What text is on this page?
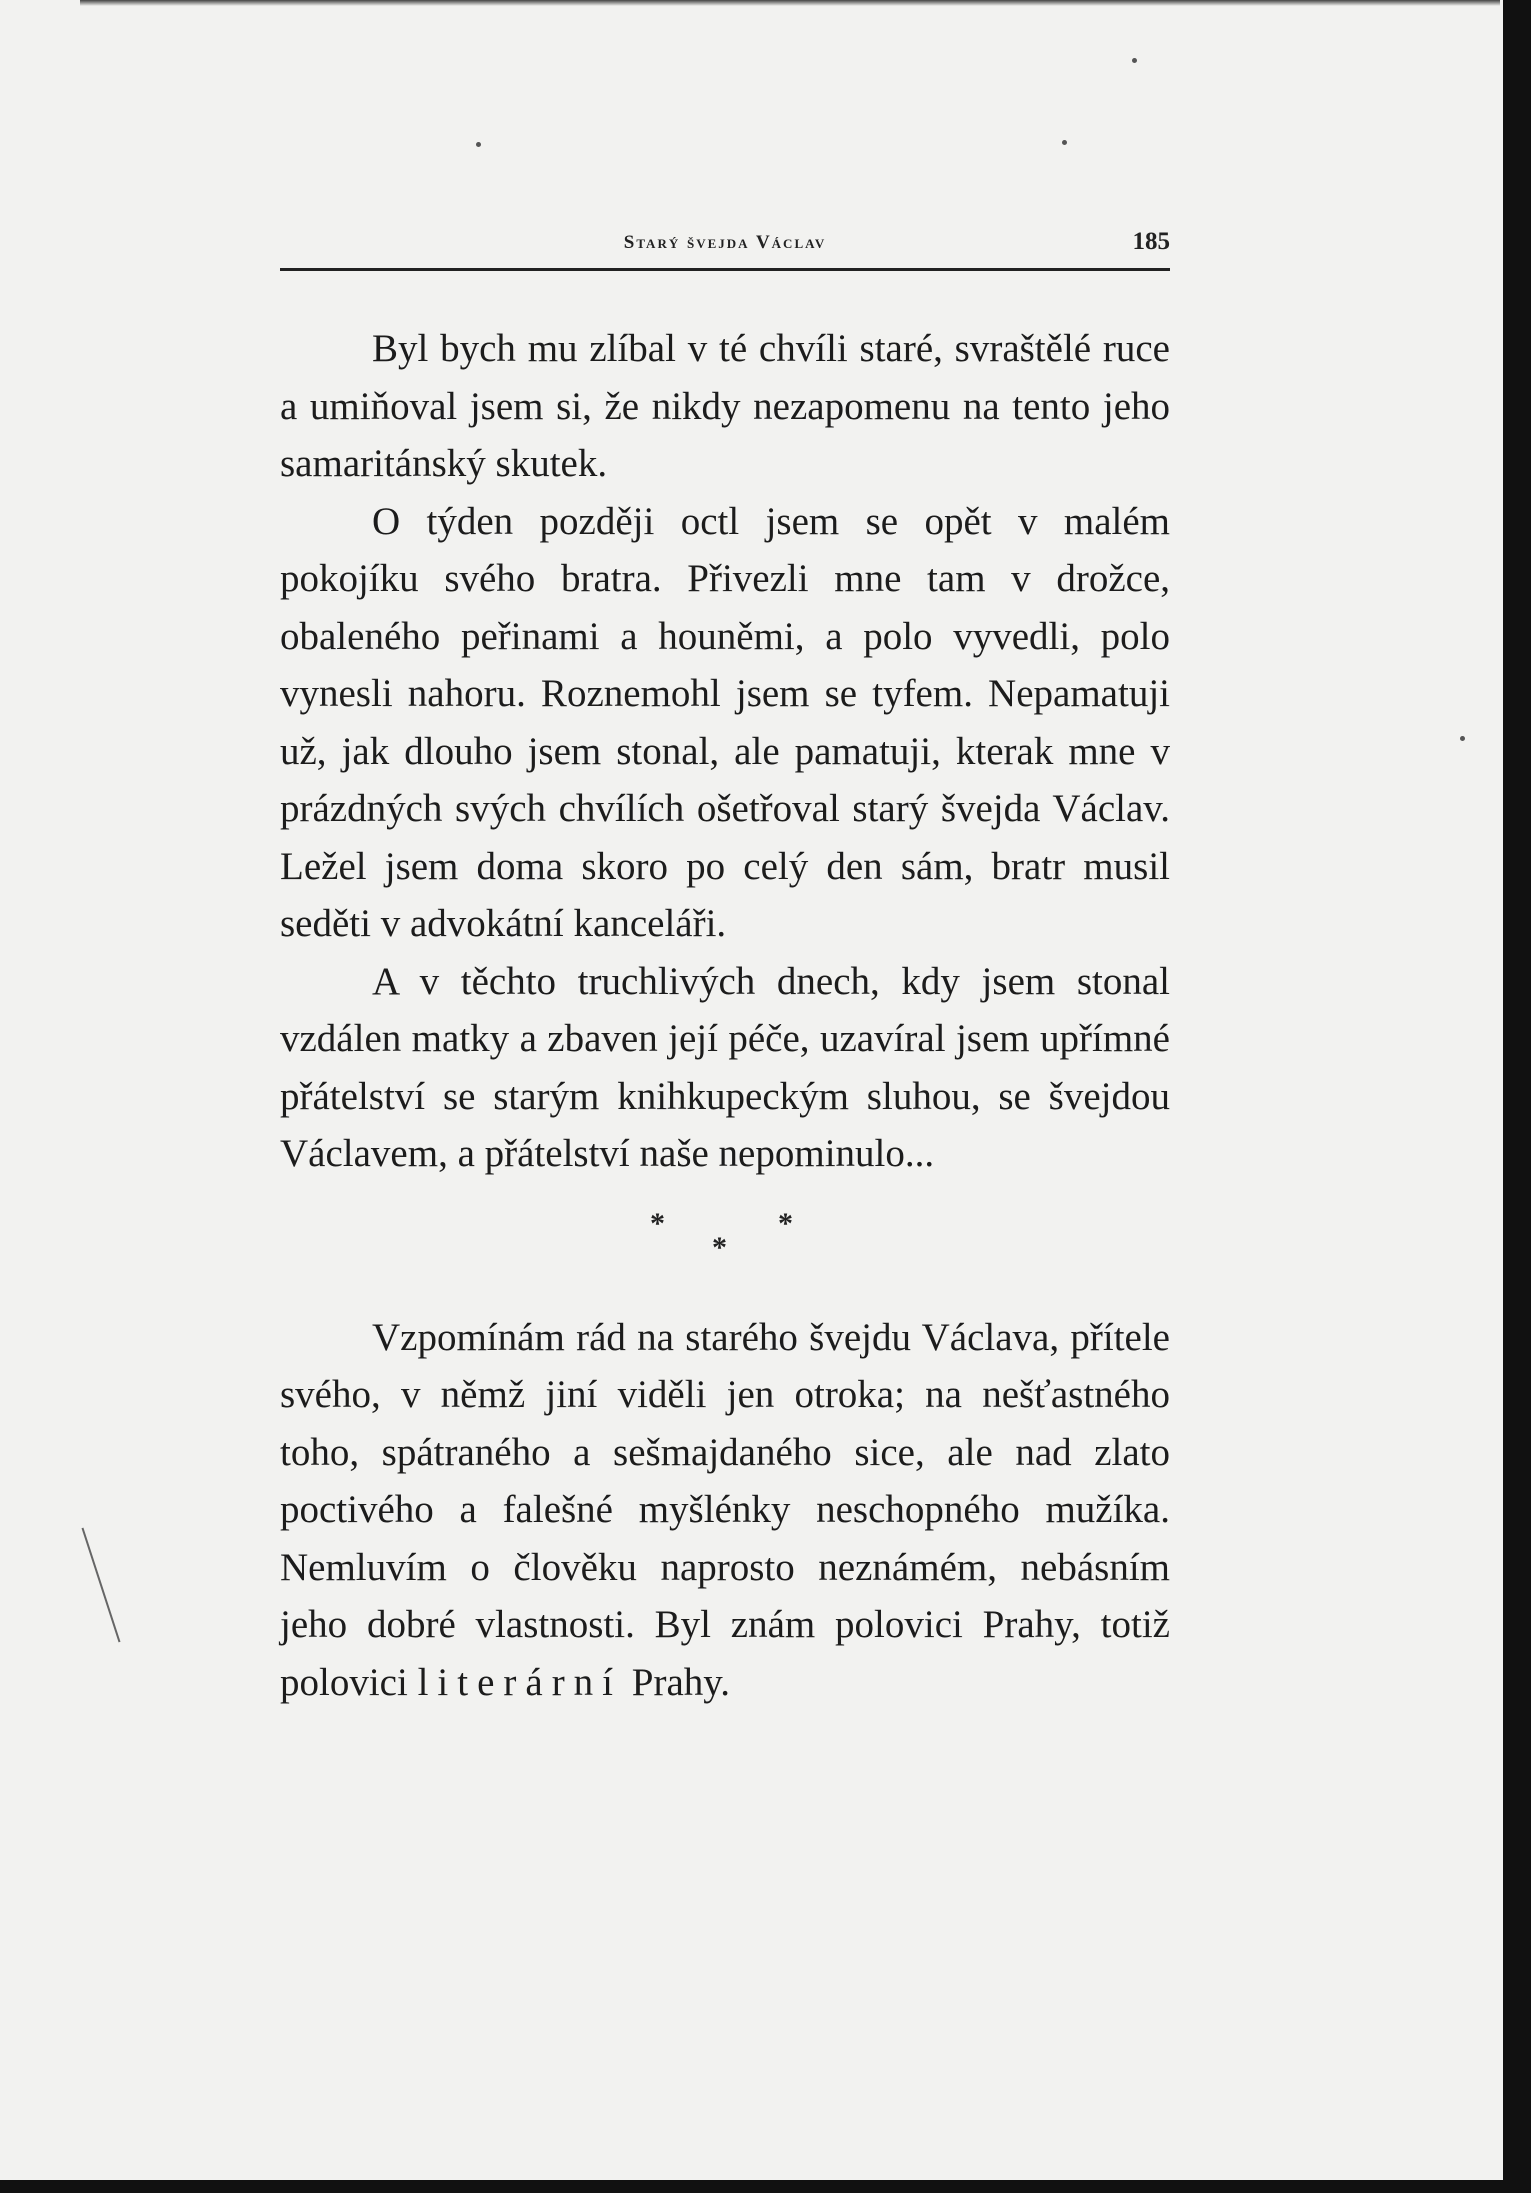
Starý švejda Václav	185

Byl bych mu zlíbal v té chvíli staré, svraštělé ruce a umiňoval jsem si, že nikdy nezapomenu na tento jeho samaritánský skutek.

O týden později octl jsem se opět v malém pokojíku svého bratra. Přivezli mne tam v drožce, obaleného peřinami a houněmi, a polo vyvedli, polo vynesli nahoru. Roznemohl jsem se tyfem. Nepamatuji už, jak dlouho jsem stonal, ale pamatuji, kterak mne v prázdných svých chvílích ošetřoval starý švejda Václav. Ležel jsem doma skoro po celý den sám, bratr musil seděti v advokátní kanceláři.

A v těchto truchlivých dnech, kdy jsem stonal vzdálen matky a zbaven její péče, uzavíral jsem upřímné přátelství se starým knihkupeckým sluhou, se švejdou Václavem, a přátelství naše nepominulo...

*	*
*

Vzpomínám rád na starého švejdu Václava, přítele svého, v němž jiní viděli jen otroka; na nešťastného toho, spátraného a sešmajdaného sice, ale nad zlato poctivého a falešné myšlénky neschopného mužíka. Nemluvím o člověku naprosto neznámém, nebásním jeho dobré vlastnosti. Byl znám polovici Prahy, totiž polovici literární Prahy.
